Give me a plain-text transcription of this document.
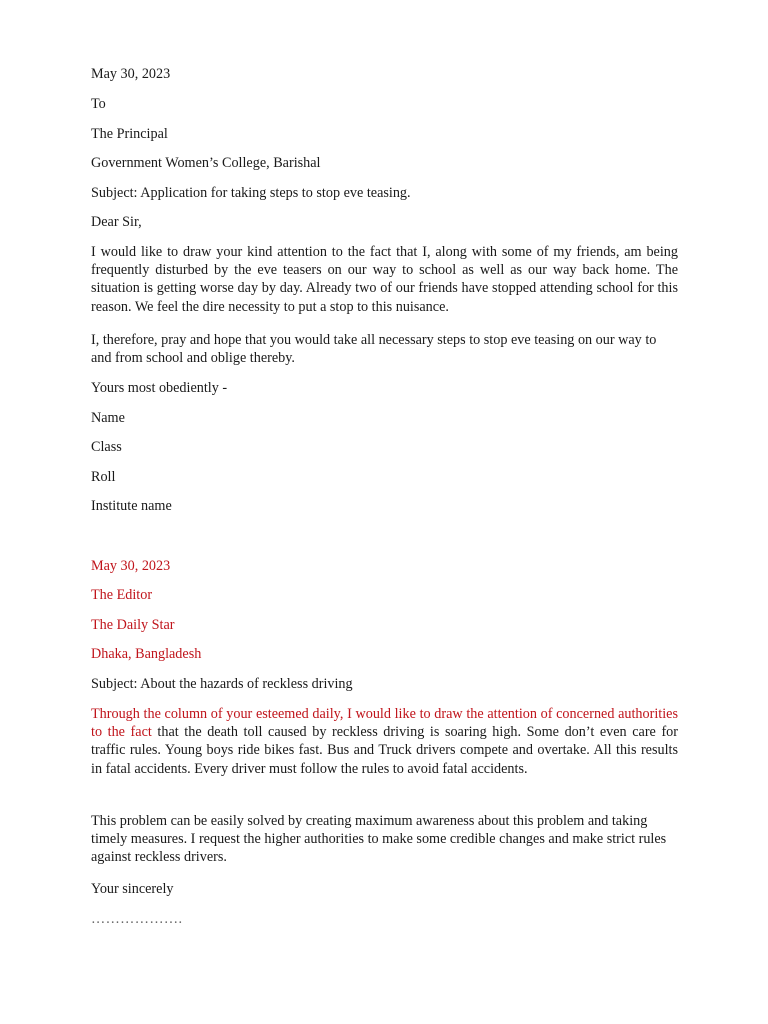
May 30, 2023
To
The Principal
Government Women’s College, Barishal
Subject: Application for taking steps to stop eve teasing.
Dear Sir,
I would like to draw your kind attention to the fact that I, along with some of my friends, am being frequently disturbed by the eve teasers on our way to school as well as our way back home. The situation is getting worse day by day. Already two of our friends have stopped attending school for this reason. We feel the dire necessity to put a stop to this nuisance.
I, therefore, pray and hope that you would take all necessary steps to stop eve teasing on our way to and from school and oblige thereby.
Yours most obediently -
Name
Class
Roll
Institute name
May 30, 2023
The Editor
The Daily Star
Dhaka, Bangladesh
Subject: About the hazards of reckless driving
Through the column of your esteemed daily, I would like to draw the attention of concerned authorities to the fact that the death toll caused by reckless driving is soaring high. Some don’t even care for traffic rules. Young boys ride bikes fast. Bus and Truck drivers compete and overtake. All this results in fatal accidents. Every driver must follow the rules to avoid fatal accidents.
This problem can be easily solved by creating maximum awareness about this problem and taking timely measures. I request the higher authorities to make some credible changes and make strict rules against reckless drivers.
Your sincerely
……………….
